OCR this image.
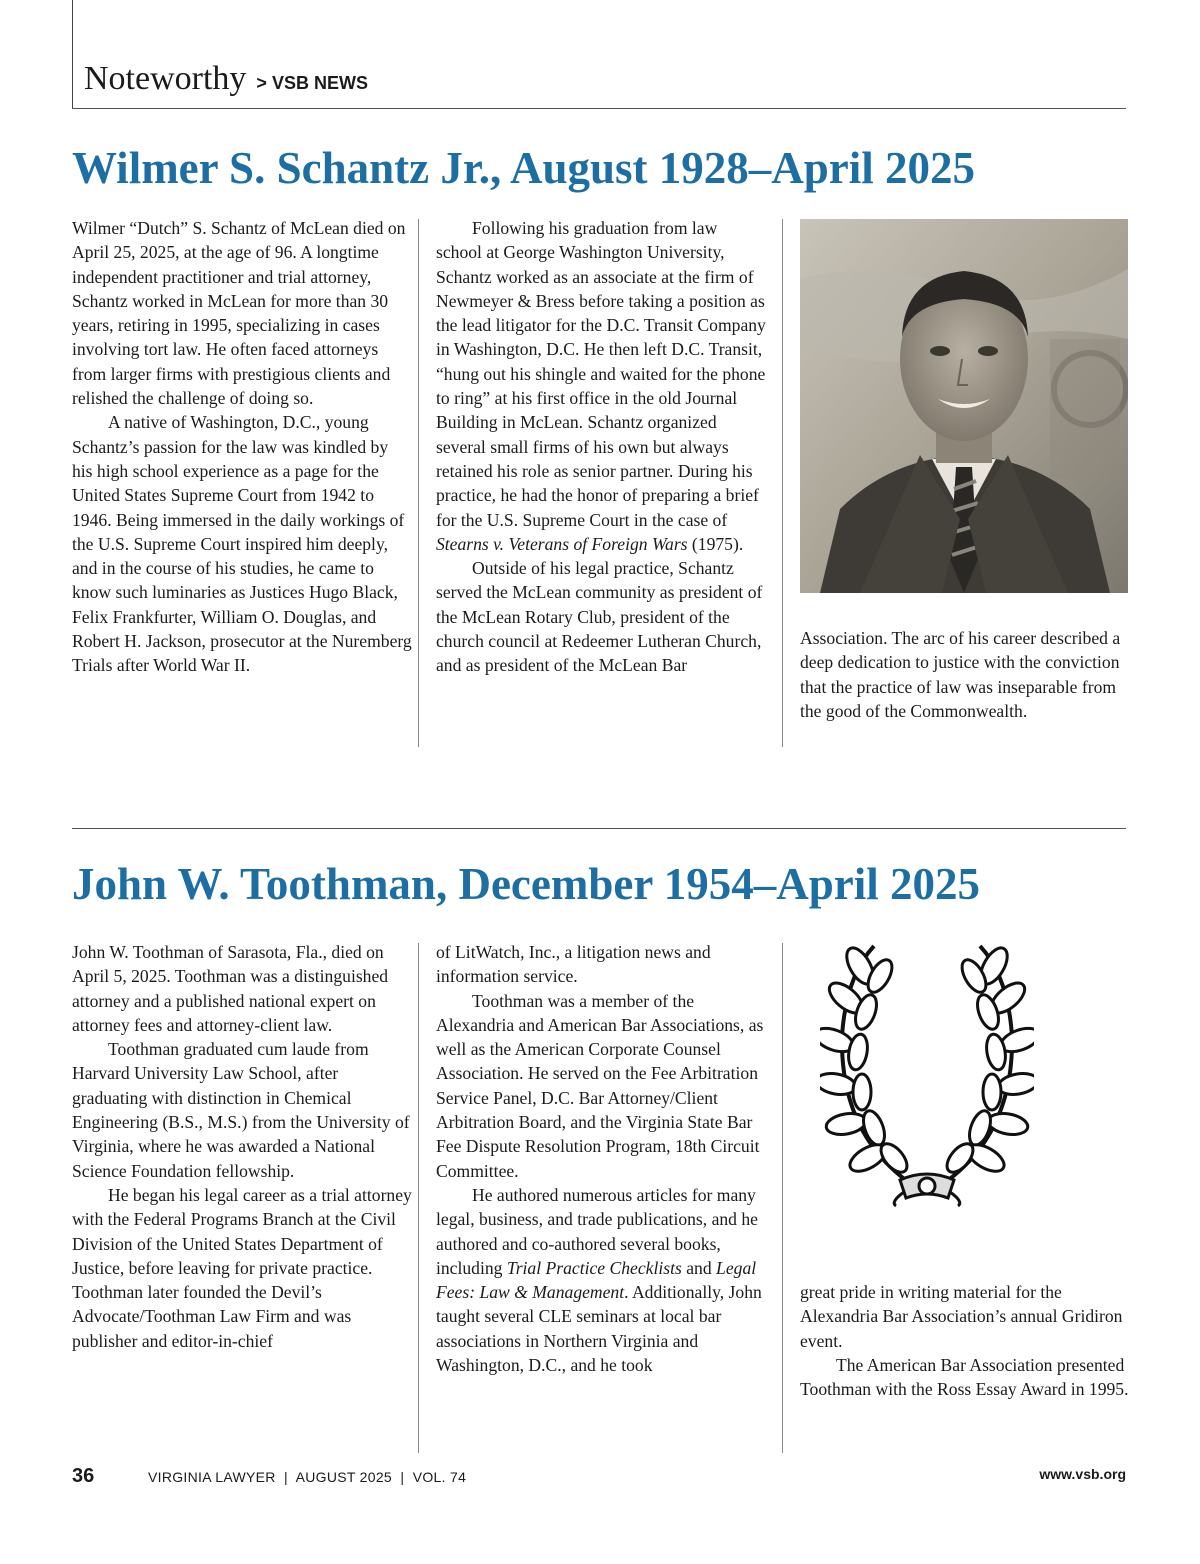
Noteworthy > VSB NEWS
Wilmer S. Schantz Jr., August 1928–April 2025

Wilmer “Dutch” S. Schantz of McLean died on April 25, 2025, at the age of 96. A longtime independent practitioner and trial attorney, Schantz worked in McLean for more than 30 years, retiring in 1995, specializing in cases involving tort law. He often faced attorneys from larger firms with prestigious clients and relished the challenge of doing so.

A native of Washington, D.C., young Schantz’s passion for the law was kindled by his high school experience as a page for the United States Supreme Court from 1942 to 1946. Being immersed in the daily workings of the U.S. Supreme Court inspired him deeply, and in the course of his studies, he came to know such luminaries as Justices Hugo Black, Felix Frankfurter, William O. Douglas, and Robert H. Jackson, prosecutor at the Nuremberg Trials after World War II.

Following his graduation from law school at George Washington University, Schantz worked as an associate at the firm of Newmeyer & Bress before taking a position as the lead litigator for the D.C. Transit Company in Washington, D.C. He then left D.C. Transit, “hung out his shingle and waited for the phone to ring” at his first office in the old Journal Building in McLean. Schantz organized several small firms of his own but always retained his role as senior partner. During his practice, he had the honor of preparing a brief for the U.S. Supreme Court in the case of Stearns v. Veterans of Foreign Wars (1975).

Outside of his legal practice, Schantz served the McLean community as president of the McLean Rotary Club, president of the church council at Redeemer Lutheran Church, and as president of the McLean Bar

Association. The arc of his career described a deep dedication to justice with the conviction that the practice of law was inseparable from the good of the Commonwealth.

John W. Toothman, December 1954–April 2025

John W. Toothman of Sarasota, Fla., died on April 5, 2025. Toothman was a distinguished attorney and a published national expert on attorney fees and attorney-client law.

Toothman graduated cum laude from Harvard University Law School, after graduating with distinction in Chemical Engineering (B.S., M.S.) from the University of Virginia, where he was awarded a National Science Foundation fellowship.

He began his legal career as a trial attorney with the Federal Programs Branch at the Civil Division of the United States Department of Justice, before leaving for private practice. Toothman later founded the Devil’s Advocate/Toothman Law Firm and was publisher and editor-in-chief

of LitWatch, Inc., a litigation news and information service.

Toothman was a member of the Alexandria and American Bar Associations, as well as the American Corporate Counsel Association. He served on the Fee Arbitration Service Panel, D.C. Bar Attorney/Client Arbitration Board, and the Virginia State Bar Fee Dispute Resolution Program, 18th Circuit Committee.

He authored numerous articles for many legal, business, and trade publications, and he authored and co-authored several books, including Trial Practice Checklists and Legal Fees: Law & Management. Additionally, John taught several CLE seminars at local bar associations in Northern Virginia and Washington, D.C., and he took

great pride in writing material for the Alexandria Bar Association’s annual Gridiron event.

The American Bar Association presented Toothman with the Ross Essay Award in 1995.

36	VIRGINIA LAWYER  |  AUGUST 2025  |  VOL. 74	www.vsb.org
